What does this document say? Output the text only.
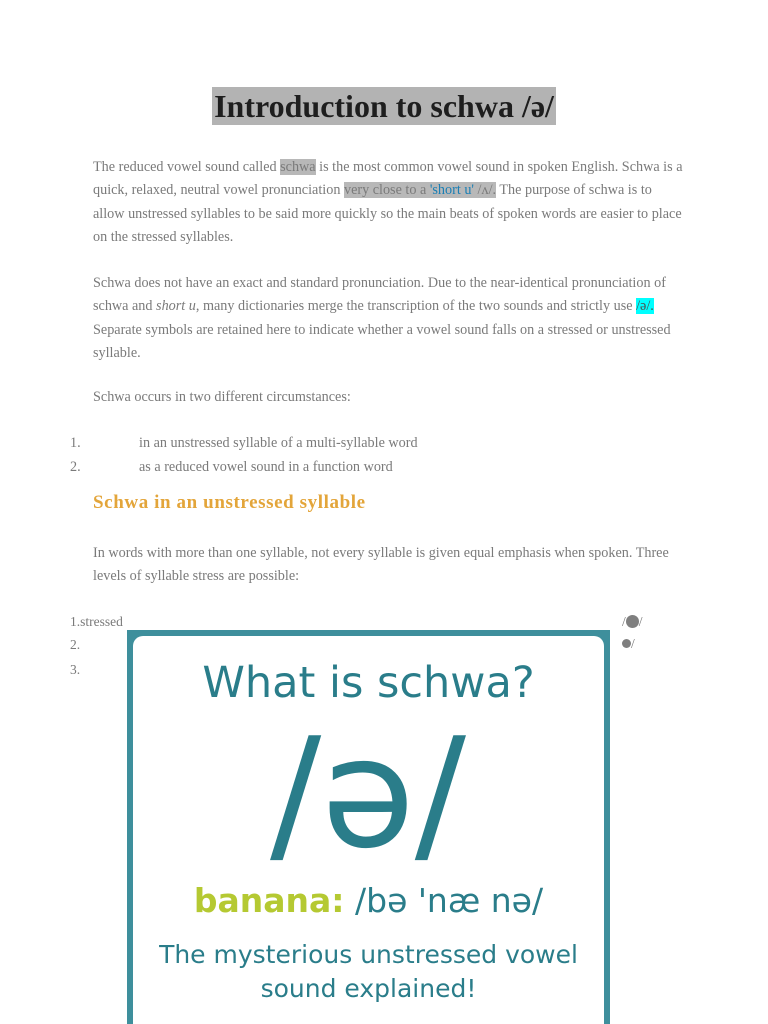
Introduction to schwa /ə/

The reduced vowel sound called schwa is the most common vowel sound in spoken English. Schwa is a quick, relaxed, neutral vowel pronunciation very close to a 'short u' /ʌ/. The purpose of schwa is to allow unstressed syllables to be said more quickly so the main beats of spoken words are easier to place on the stressed syllables.

Schwa does not have an exact and standard pronunciation. Due to the near-identical pronunciation of schwa and short u, many dictionaries merge the transcription of the two sounds and strictly use /ə/. Separate symbols are retained here to indicate whether a vowel sound falls on a stressed or unstressed syllable.

Schwa occurs in two different circumstances:

1.	in an unstressed syllable of a multi-syllable word
2.	as a reduced vowel sound in a function word
Schwa in an unstressed syllable

In words with more than one syllable, not every syllable is given equal emphasis when spoken. Three levels of syllable stress are possible:

1.stressed
2.
3.
/ /
/
What is schwa?
/ə/
banana: /bə 'næ nə/
The mysterious unstressed vowel
sound explained!
